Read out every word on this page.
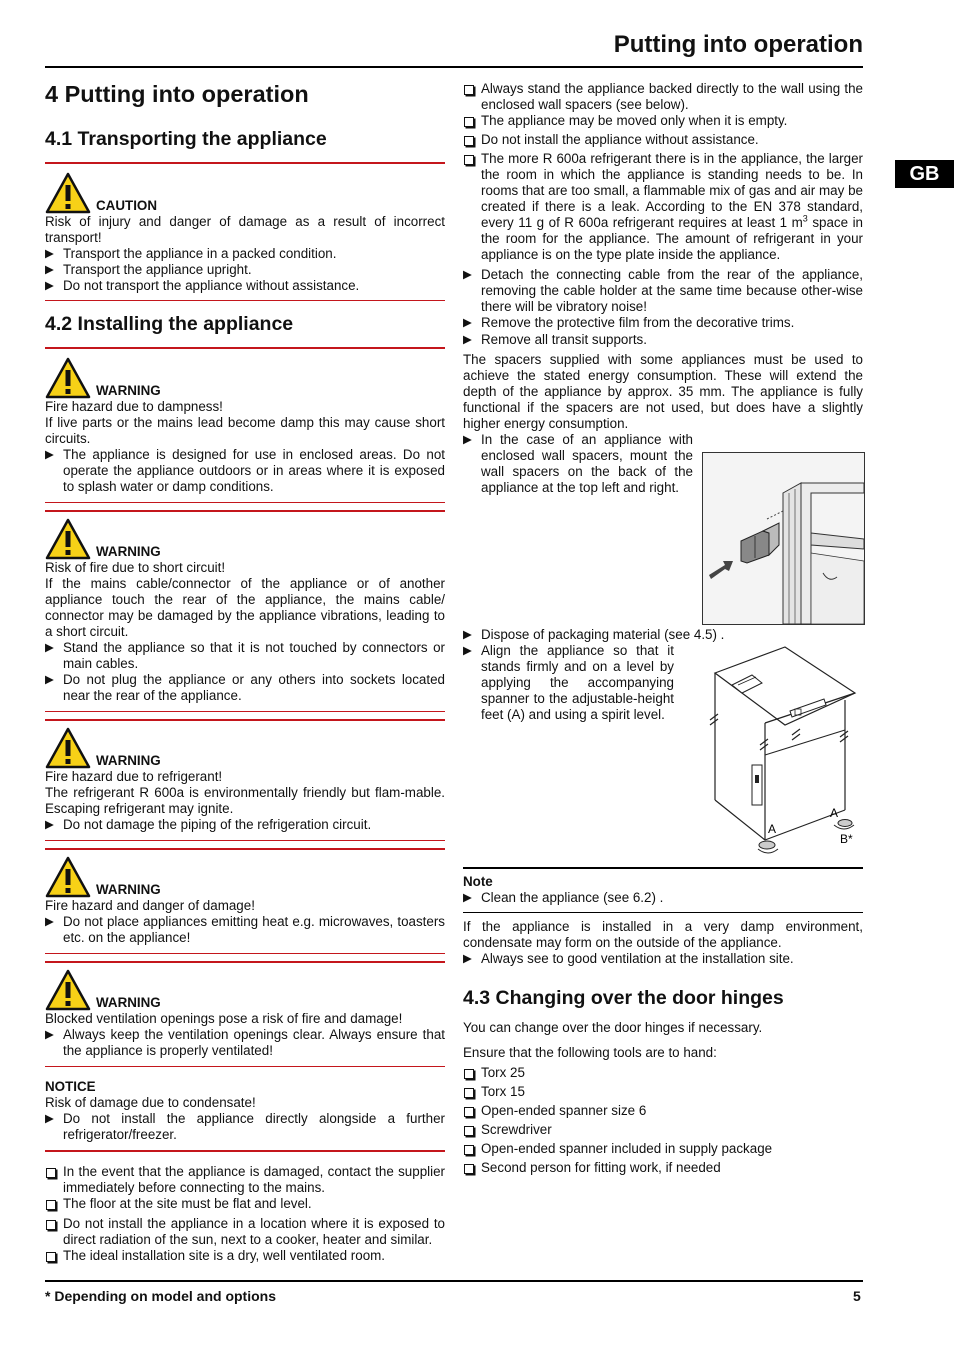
Putting into operation
GB
4 Putting into operation
4.1 Transporting the appliance
CAUTION

Risk of injury and danger of damage as a result of incorrect transport!

▶ Transport the appliance in a packed condition.
▶ Transport the appliance upright.
▶ Do not transport the appliance without assistance.
4.2 Installing the appliance
WARNING

Fire hazard due to dampness!

If live parts or the mains lead become damp this may cause short circuits.

▶ The appliance is designed for use in enclosed areas. Do not operate the appliance outdoors or in areas where it is exposed to splash water or damp conditions.
WARNING

Risk of fire due to short circuit!

If the mains cable/connector of the appliance or of another appliance touch the rear of the appliance, the mains cable/ connector may be damaged by the appliance vibrations, leading to a short circuit.

▶ Stand the appliance so that it is not touched by connectors or main cables.
▶ Do not plug the appliance or any others into sockets located near the rear of the appliance.
WARNING

Fire hazard due to refrigerant!

The refrigerant R 600a is environmentally friendly but flam-mable. Escaping refrigerant may ignite.

▶ Do not damage the piping of the refrigeration circuit.
WARNING

Fire hazard and danger of damage!

▶ Do not place appliances emitting heat e.g. microwaves, toasters etc. on the appliance!
WARNING

Blocked ventilation openings pose a risk of fire and damage!

▶ Always keep the ventilation openings clear. Always ensure that the appliance is properly ventilated!
NOTICE

Risk of damage due to condensate!

▶ Do not install the appliance directly alongside a further refrigerator/freezer.
In the event that the appliance is damaged, contact the supplier immediately before connecting to the mains.
The floor at the site must be flat and level.
Do not install the appliance in a location where it is exposed to direct radiation of the sun, next to a cooker, heater and similar.
The ideal installation site is a dry, well ventilated room.
Always stand the appliance backed directly to the wall using the enclosed wall spacers (see below).
The appliance may be moved only when it is empty.
Do not install the appliance without assistance.
The more R 600a refrigerant there is in the appliance, the larger the room in which the appliance is standing needs to be. In rooms that are too small, a flammable mix of gas and air may be created if there is a leak. According to the EN 378 standard, every 11 g of R 600a refrigerant requires at least 1 $m^3$ space in the room for the appliance. The amount of refrigerant in your appliance is on the type plate inside the appliance.
▶ Detach the connecting cable from the rear of the appliance, removing the cable holder at the same time because other-wise there will be vibratory noise!
▶ Remove the protective film from the decorative trims.
▶ Remove all transit supports.

The spacers supplied with some appliances must be used to achieve the stated energy consumption. These will extend the depth of the appliance by approx. 35 mm. The appliance is fully functional if the spacers are not used, but does have a slightly higher energy consumption.

▶ In the case of an appliance with enclosed wall spacers, mount the wall spacers on the back of the appliance at the top left and right.
▶ Dispose of packaging material (see 4.5) .
▶ Align the appliance so that it stands firmly and on a level by applying the accompanying spanner to the adjustable-height feet (A) and using a spirit level.
A
A
B*
Note
▶ Clean the appliance (see 6.2) .

If the appliance is installed in a very damp environment, condensate may form on the outside of the appliance.

▶ Always see to good ventilation at the installation site.
4.3 Changing over the door hinges

You can change over the door hinges if necessary.

Ensure that the following tools are to hand:

Torx 25
Torx 15
Open-ended spanner size 6
Screwdriver
Open-ended spanner included in supply package
Second person for fitting work, if needed
* Depending on model and options	5
